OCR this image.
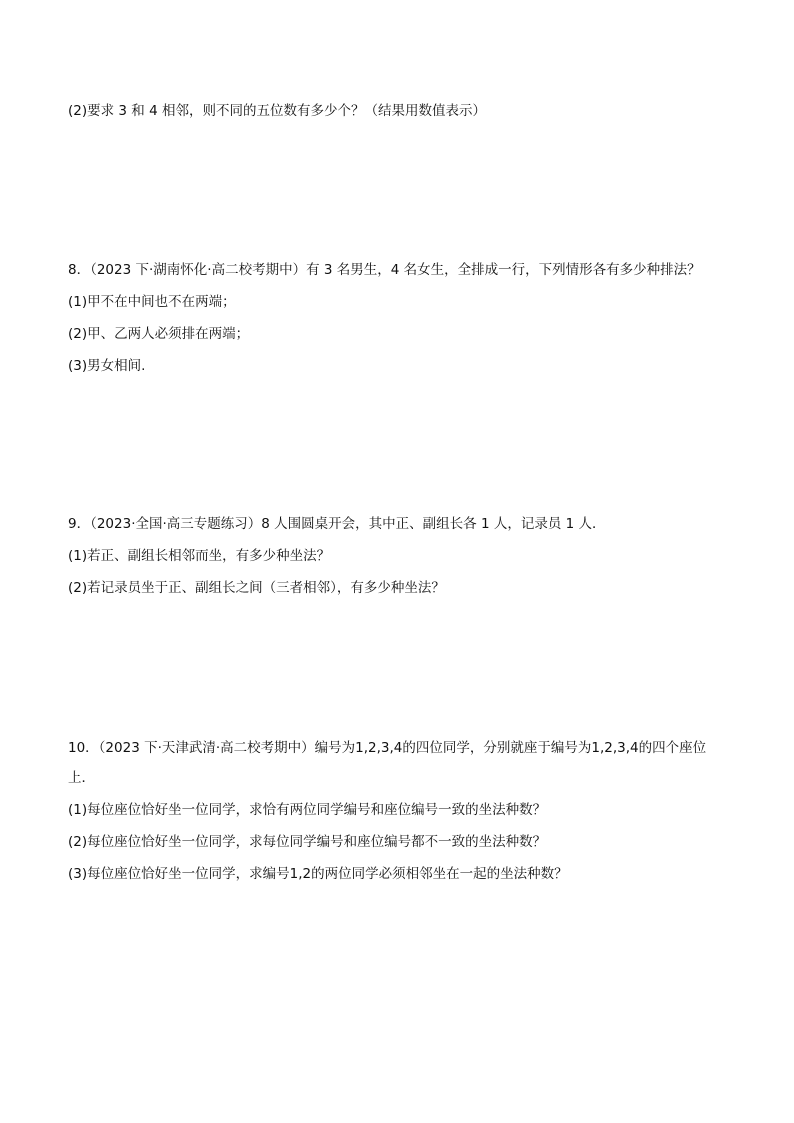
(2)要求 3 和 4 相邻，则不同的五位数有多少个？（结果用数值表示）
8．（2023 下·湖南怀化·高二校考期中）有 3 名男生，4 名女生，全排成一行，下列情形各有多少种排法？
(1)甲不在中间也不在两端；
(2)甲、乙两人必须排在两端；
(3)男女相间.
9．（2023·全国·高三专题练习）8 人围圆桌开会，其中正、副组长各 1 人，记录员 1 人．
(1)若正、副组长相邻而坐，有多少种坐法？
(2)若记录员坐于正、副组长之间（三者相邻），有多少种坐法？
10．（2023 下·天津武清·高二校考期中）编号为1,2,3,4的四位同学，分别就座于编号为1,2,3,4的四个座位
上．
(1)每位座位恰好坐一位同学，求恰有两位同学编号和座位编号一致的坐法种数？
(2)每位座位恰好坐一位同学，求每位同学编号和座位编号都不一致的坐法种数？
(3)每位座位恰好坐一位同学，求编号1,2的两位同学必须相邻坐在一起的坐法种数？
